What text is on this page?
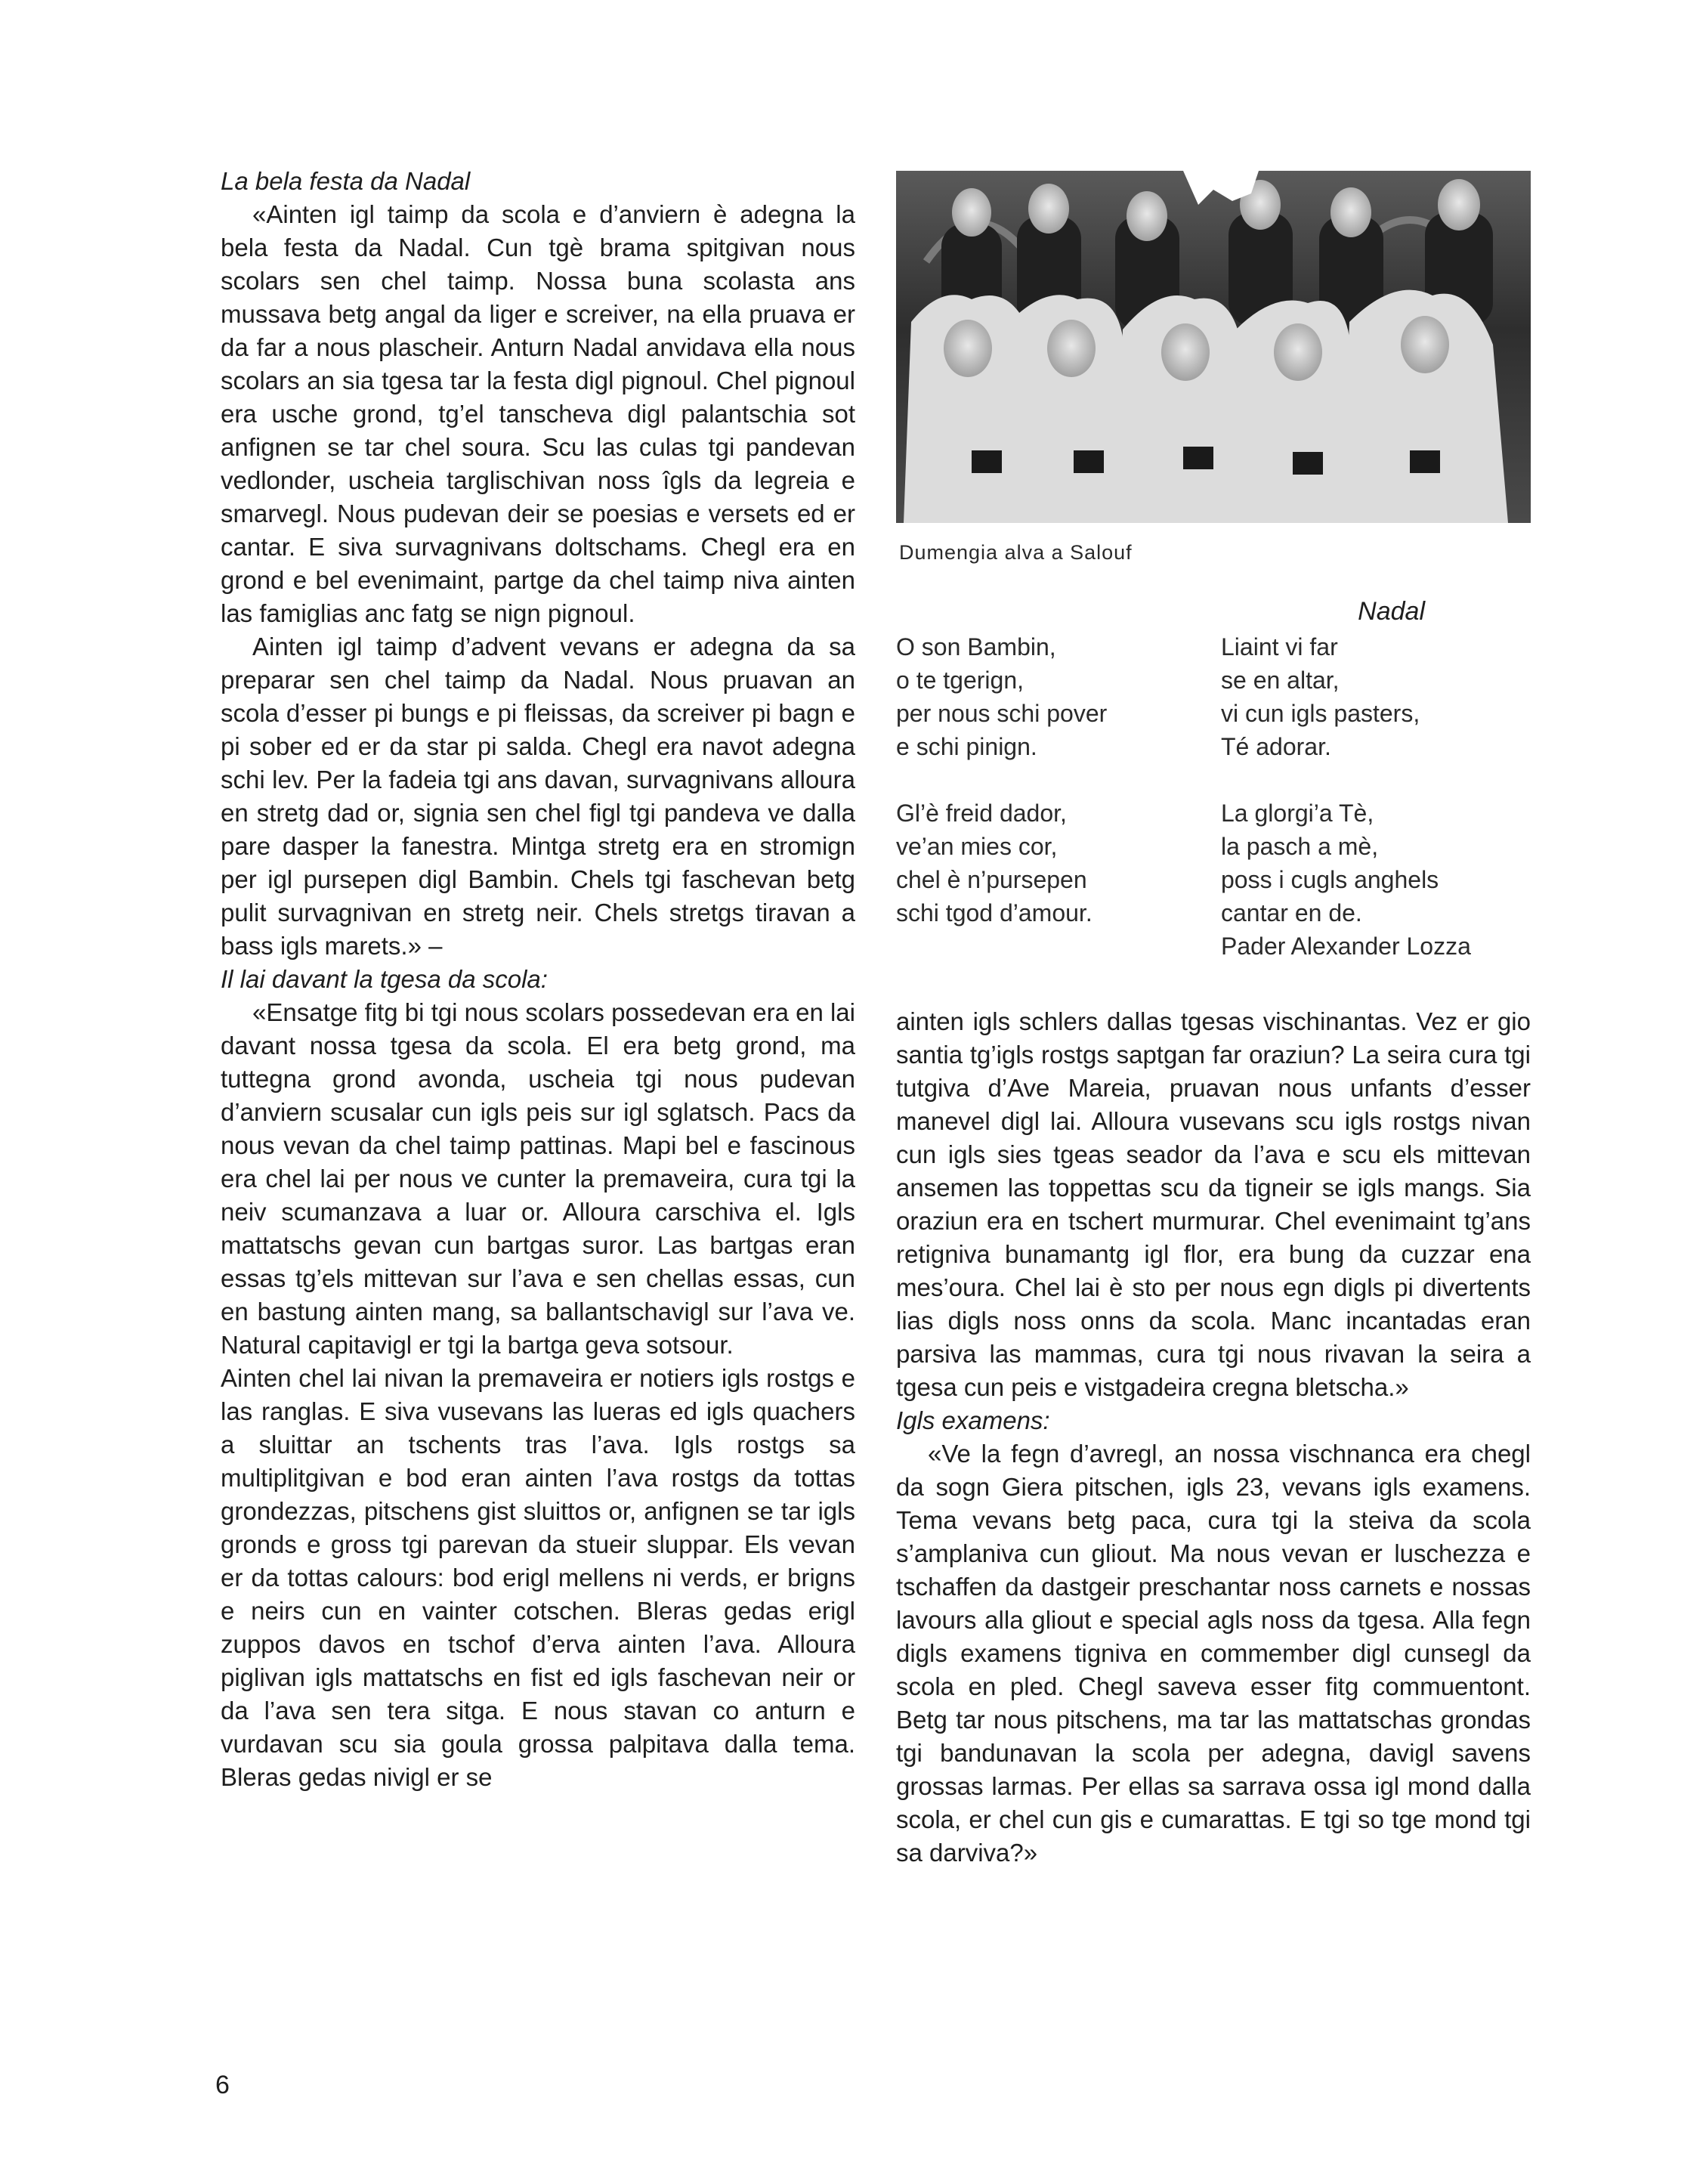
La bela festa da Nadal

«Ainten igl taimp da scola e d’anviern è adegna la bela festa da Nadal. Cun tgè brama spitgivan nous scolars sen chel taimp. Nossa buna scolasta ans mussava betg angal da liger e screiver, na ella pruava er da far a nous plascheir. Anturn Nadal anvidava ella nous scolars an sia tgesa tar la festa digl pignoul. Chel pignoul era usche grond, tg’el tanscheva digl palantschia sot anfignen se tar chel soura. Scu las culas tgi pandevan vedlonder, uscheia targlischivan noss îgls da legreia e smarvegl. Nous pudevan deir se poesias e versets ed er cantar. E siva survagnivans doltschams. Chegl era en grond e bel evenimaint, partge da chel taimp niva ainten las famiglias anc fatg se nign pignoul.

Ainten igl taimp d’advent vevans er adegna da sa preparar sen chel taimp da Nadal. Nous pruavan an scola d’esser pi bungs e pi fleissas, da screiver pi bagn e pi sober ed er da star pi salda. Chegl era navot adegna schi lev. Per la fadeia tgi ans davan, survagnivans alloura en stretg dad or, signia sen chel figl tgi pandeva ve dalla pare dasper la fanestra. Mintga stretg era en stromign per igl pursepen digl Bambin. Chels tgi faschevan betg pulit survagnivan en stretg neir. Chels stretgs tiravan a bass igls marets.» –

Il lai davant la tgesa da scola:

«Ensatge fitg bi tgi nous scolars possedevan era en lai davant nossa tgesa da scola. El era betg grond, ma tuttegna grond avonda, uscheia tgi nous pudevan d’anviern scusalar cun igls peis sur igl sglatsch. Pacs da nous vevan da chel taimp pattinas. Mapi bel e fascinous era chel lai per nous ve cunter la premaveira, cura tgi la neiv scumanzava a luar or. Alloura carschiva el. Igls mattatschs gevan cun bartgas suror. Las bartgas eran essas tg’els mittevan sur l’ava e sen chellas essas, cun en bastung ainten mang, sa ballantschavigl sur l’ava ve. Natural capitavigl er tgi la bartga geva sotsour.

Ainten chel lai nivan la premaveira er notiers igls rostgs e las ranglas. E siva vusevans las lueras ed igls quachers a sluittar an tschents tras l’ava. Igls rostgs sa multiplitgivan e bod eran ainten l’ava rostgs da tottas grondezzas, pitschens gist sluittos or, anfignen se tar igls gronds e gross tgi parevan da stueir sluppar. Els vevan er da tottas calours: bod erigl mellens ni verds, er brigns e neirs cun en vainter cotschen. Bleras gedas erigl zuppos davos en tschof d’erva ainten l’ava. Alloura piglivan igls mattatschs en fist ed igls faschevan neir or da l’ava sen tera sitga. E nous stavan co anturn e vurdavan scu sia goula grossa palpitava dalla tema. Bleras gedas nivigl er se

Dumengia alva a Salouf
Nadal
O son Bambin,
o te tgerign,
per nous schi pover
e schi pinign.
Liaint vi far
se en altar,
vi cun igls pasters,
Té adorar.
Gl’è freid dador,
ve’an mies cor,
chel è n’pursepen
schi tgod d’amour.
La glorgi’a Tè,
la pasch a mè,
poss i cugls anghels
cantar en de.
Pader Alexander Lozza

ainten igls schlers dallas tgesas vischinantas. Vez er gio santia tg’igls rostgs saptgan far oraziun? La seira cura tgi tutgiva d’Ave Mareia, pruavan nous unfants d’esser manevel digl lai. Alloura vusevans scu igls rostgs nivan cun igls sies tgeas seador da l’ava e scu els mittevan ansemen las toppettas scu da tigneir se igls mangs. Sia oraziun era en tschert murmurar. Chel evenimaint tg’ans retigniva bunamantg igl flor, era bung da cuzzar ena mes’oura. Chel lai è sto per nous egn digls pi divertents lias digls noss onns da scola. Manc incantadas eran parsiva las mammas, cura tgi nous rivavan la seira a tgesa cun peis e vistgadeira cregna bletscha.»

Igls examens:

«Ve la fegn d’avregl, an nossa vischnanca era chegl da sogn Giera pitschen, igls 23, vevans igls examens. Tema vevans betg paca, cura tgi la steiva da scola s’amplaniva cun gliout. Ma nous vevan er luschezza e tschaffen da dastgeir preschantar noss carnets e nossas lavours alla gliout e special agls noss da tgesa. Alla fegn digls examens tigniva en commember digl cunsegl da scola en pled. Chegl saveva esser fitg commuentont. Betg tar nous pitschens, ma tar las mattatschas grondas tgi bandunavan la scola per adegna, davigl savens grossas larmas. Per ellas sa sarrava ossa igl mond dalla scola, er chel cun gis e cumarattas. E tgi so tge mond tgi sa darviva?»

6
